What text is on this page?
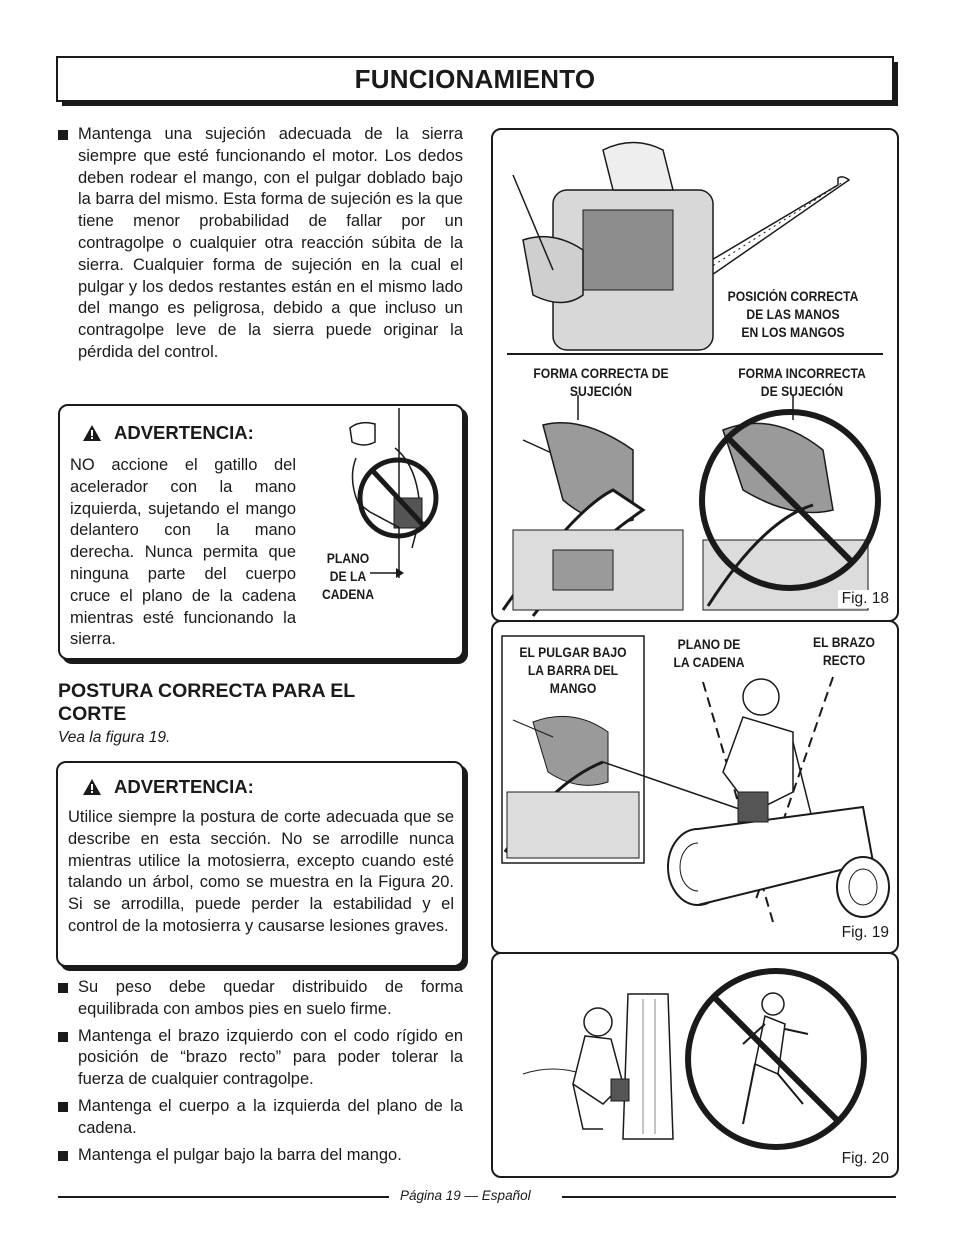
FUNCIONAMIENTO
Mantenga una sujeción adecuada de la sierra siempre que esté funcionando el motor. Los dedos deben rodear el mango, con el pulgar doblado bajo la barra del mismo. Esta forma de sujeción es la que tiene menor probabilidad de fallar por un contragolpe o cualquier otra reacción súbita de la sierra. Cualquier forma de sujeción en la cual el pulgar y los dedos restantes están en el mismo lado del mango es peligrosa, debido a que incluso un contragolpe leve de la sierra puede originar la pérdida del control.
ADVERTENCIA:
NO accione el gatillo del acelerador con la mano izquierda, sujetando el mango delantero con la mano derecha. Nunca permita que ninguna parte del cuerpo cruce el plano de la cadena mientras esté funcionando la sierra.
PLANO
DE LA
CADENA
POSTURA CORRECTA PARA EL
CORTE
Vea la figura 19.
ADVERTENCIA:
Utilice siempre la postura de corte adecuada que se describe en esta sección. No se arrodille nunca mientras utilice la motosierra, excepto cuando esté talando un árbol, como se muestra en la Figura 20. Si se arrodilla, puede perder la estabilidad y el control de la motosierra y causarse lesiones graves.
Su peso debe quedar distribuido de forma equilibrada con ambos pies en suelo firme.
Mantenga el brazo izquierdo con el codo rígido en posición de “brazo recto” para poder tolerar la fuerza de cualquier contragolpe.
Mantenga el cuerpo a la izquierda del plano de la cadena.
Mantenga el pulgar bajo la barra del mango.
POSICIÓN CORRECTA
DE LAS MANOS
EN LOS MANGOS
FORMA CORRECTA DE
SUJECIÓN
FORMA INCORRECTA
DE SUJECIÓN
Fig. 18
EL PULGAR BAJO
LA BARRA DEL
MANGO
PLANO DE
LA CADENA
EL BRAZO
RECTO
Fig. 19
Fig. 20
Página 19 — Español
